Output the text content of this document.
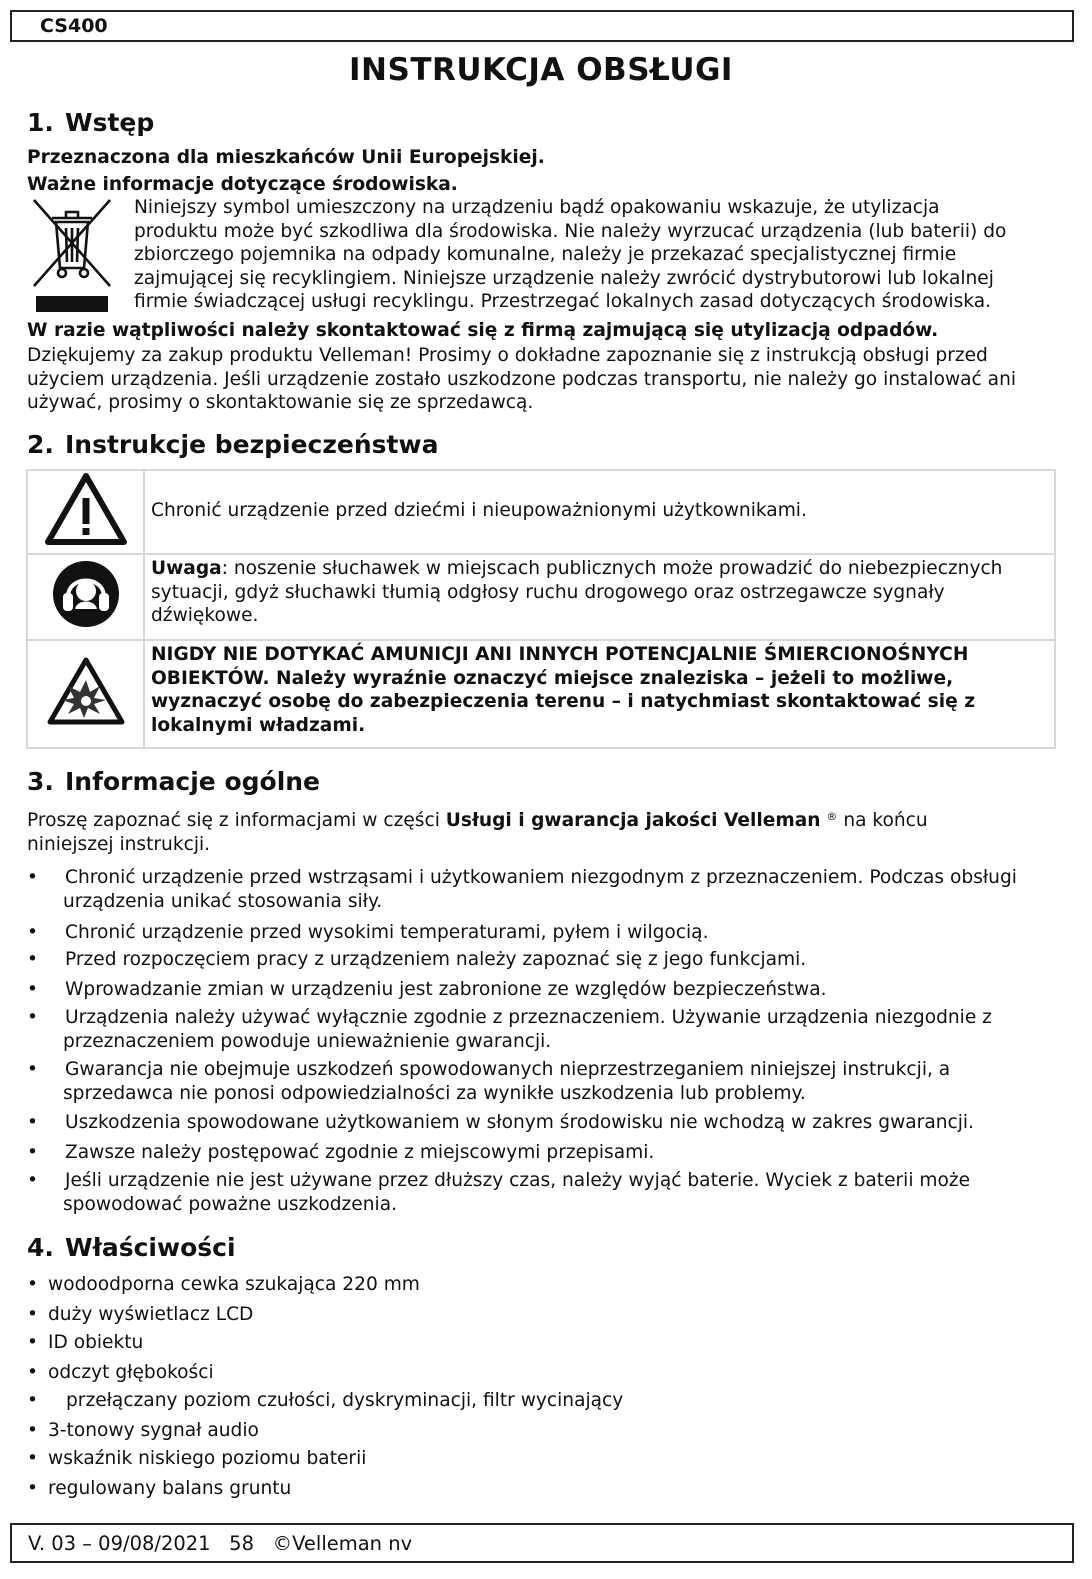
CS400
INSTRUKCJA OBSŁUGI
1. Wstęp
Przeznaczona dla mieszkańców Unii Europejskiej.
Ważne informacje dotyczące środowiska.
Niniejszy symbol umieszczony na urządzeniu bądź opakowaniu wskazuje, że utylizacja
produktu może być szkodliwa dla środowiska. Nie należy wyrzucać urządzenia (lub baterii) do
zbiorczego pojemnika na odpady komunalne, należy je przekazać specjalistycznej firmie
zajmującej się recyklingiem. Niniejsze urządzenie należy zwrócić dystrybutorowi lub lokalnej
firmie świadczącej usługi recyklingu. Przestrzegać lokalnych zasad dotyczących środowiska.
W razie wątpliwości należy skontaktować się z firmą zajmującą się utylizacją odpadów.
Dziękujemy za zakup produktu Velleman! Prosimy o dokładne zapoznanie się z instrukcją obsługi przed
użyciem urządzenia. Jeśli urządzenie zostało uszkodzone podczas transportu, nie należy go instalować ani
używać, prosimy o skontaktowanie się ze sprzedawcą.
2. Instrukcje bezpieczeństwa
	Chronić urządzenie przed dziećmi i nieupoważnionymi użytkownikami.

Uwaga: noszenie słuchawek w miejscach publicznych może prowadzić do niebezpiecznych
sytuacji, gdyż słuchawki tłumią odgłosy ruchu drogowego oraz ostrzegawcze sygnały
dźwiękowe.

NIGDY NIE DOTYKAĆ AMUNICJI ANI INNYCH POTENCJALNIE ŚMIERCIONOŚNYCH
OBIEKTÓW. Należy wyraźnie oznaczyć miejsce znaleziska – jeżeli to możliwe,
wyznaczyć osobę do zabezpieczenia terenu – i natychmiast skontaktować się z
lokalnymi władzami.
3. Informacje ogólne
Proszę zapoznać się z informacjami w części Usługi i gwarancja jakości Velleman ® na końcu
niniejszej instrukcji.
•	Chronić urządzenie przed wstrząsami i użytkowaniem niezgodnym z przeznaczeniem. Podczas obsługi
urządzenia unikać stosowania siły.
•	Chronić urządzenie przed wysokimi temperaturami, pyłem i wilgocią.
•	Przed rozpoczęciem pracy z urządzeniem należy zapoznać się z jego funkcjami.
•	Wprowadzanie zmian w urządzeniu jest zabronione ze względów bezpieczeństwa.
•	Urządzenia należy używać wyłącznie zgodnie z przeznaczeniem. Używanie urządzenia niezgodnie z
przeznaczeniem powoduje unieważnienie gwarancji.
•	Gwarancja nie obejmuje uszkodzeń spowodowanych nieprzestrzeganiem niniejszej instrukcji, a
sprzedawca nie ponosi odpowiedzialności za wynikłe uszkodzenia lub problemy.
•	Uszkodzenia spowodowane użytkowaniem w słonym środowisku nie wchodzą w zakres gwarancji.
•	Zawsze należy postępować zgodnie z miejscowymi przepisami.
•	Jeśli urządzenie nie jest używane przez dłuższy czas, należy wyjąć baterie. Wyciek z baterii może
spowodować poważne uszkodzenia.
4. Właściwości
• wodoodporna cewka szukająca 220 mm
• duży wyświetlacz LCD
• ID obiektu
• odczyt głębokości
• przełączany poziom czułości, dyskryminacji, filtr wycinający
• 3-tonowy sygnał audio
• wskaźnik niskiego poziomu baterii
• regulowany balans gruntu
V. 03 – 09/08/2021   58   ©Velleman nv
